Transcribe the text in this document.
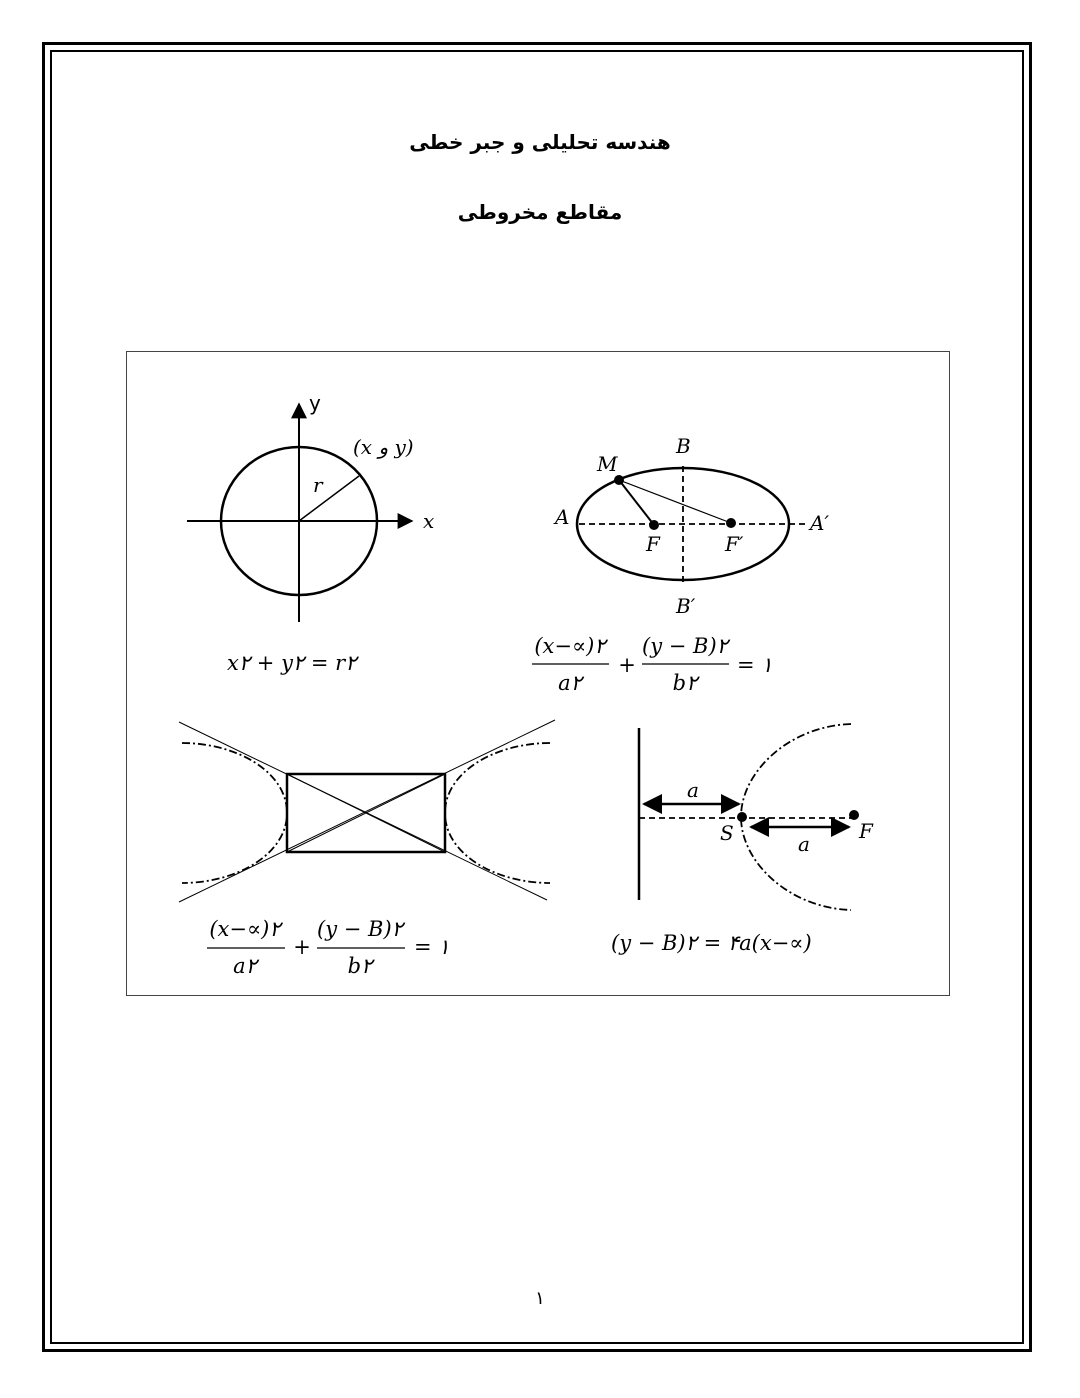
هندسه تحلیلی و جبر خطی
مقاطع مخروطی
y
x
r
(x و y)
x۲ + y۲ = r۲
B
B′
M
A	A′
F	F′
(x−∝)۲
a۲
+
(y − B)۲
b۲
= ۱
(x−∝)۲
a۲
+
(y − B)۲
b۲
= ۱
a
a
S	F
(y − B)۲ = ۴a(x−∝)
۱
